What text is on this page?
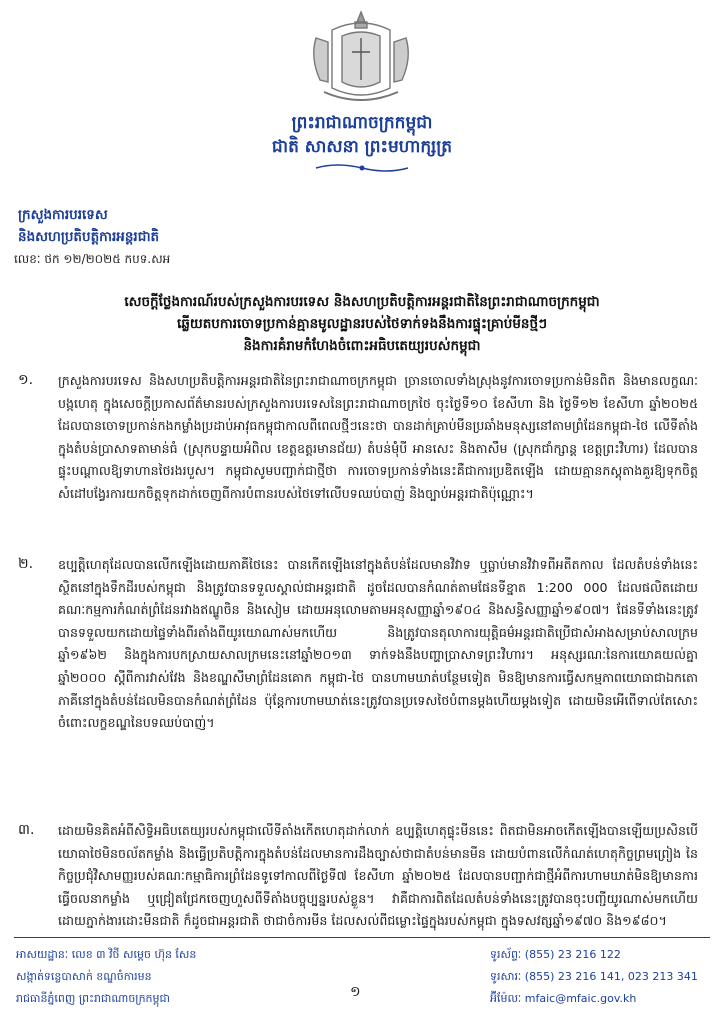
ព្រះរាជាណាចក្រកម្ពុជា
ជាតិ សាសនា ព្រះមហាក្សត្រ
ក្រសួងការបរទេស
និងសហប្រតិបត្តិការអន្តរជាតិ
លេខៈ ថក ១២/២០២៥ កបទ.សអ
សេចក្តីថ្លែងការណ៍របស់ក្រសួងការបរទេស និងសហប្រតិបត្តិការអន្តរជាតិនៃព្រះរាជាណាចក្រកម្ពុជា
ឆ្លើយតបការចោទប្រកាន់គ្មានមូលដ្ឋានរបស់ថៃទាក់ទងនឹងការផ្ទុះគ្រាប់មីនថ្មីៗ
និងការគំរាមកំហែងចំពោះអធិបតេយ្យរបស់កម្ពុជា
១. ក្រសួងការបរទេស និងសហប្រតិបត្តិការអន្តរជាតិនៃព្រះរាជាណាចក្រកម្ពុជា ច្រានចោលទាំងស្រុងនូវការចោទប្រកាន់មិនពិត និងមានលក្ខណៈបង្កហេតុ ក្នុងសេចក្តីប្រកាសព័ត៌មានរបស់ក្រសួងការបរទេសនៃព្រះរាជាណាចក្រថៃ ចុះថ្ងៃទី១០ ខែសីហា និង ថ្ងៃទី១២ ខែសីហា ឆ្នាំ២០២៥ ដែលបានចោទប្រកាន់កងកម្លាំងប្រដាប់អាវុធកម្ពុជាកាលពីពេលថ្មីៗនេះថា បានដាក់គ្រាប់មីនប្រឆាំងមនុស្សនៅតាមព្រំដែនកម្ពុជា-ថៃ លើទីតាំង ក្នុងតំបន់ប្រាសាទតាមាន់ធំ (ស្រុកបន្ទាយអំពិល ខេត្តឧត្តរមានជ័យ) តំបន់ម៉ុំបី អានសេះ និងតាសឹម (ស្រុកជាំក្សាន្ត ខេត្តព្រះវិហារ) ដែលបានផ្ទុះបណ្តាលឱ្យទាហានថៃរងរបួស។ កម្ពុជាសូមបញ្ជាក់ជាថ្មីថា ការចោទប្រកាន់ទាំងនេះគឺជាការប្រឌិតឡើង ដោយគ្មានភស្តុតាងគួរឱ្យទុកចិត្ត សំដៅបង្វែរការយកចិត្តទុកដាក់ចេញពីការបំពានរបស់ថៃទៅលើបទឈប់បាញ់ និងច្បាប់អន្តរជាតិប៉ុណ្ណោះ។
២. ឧប្បត្តិហេតុដែលបានលើកឡើងដោយភាគីថៃនេះ បានកើតឡើងនៅក្នុងតំបន់ដែលមានវិវាទ ឬធ្លាប់មានវិវាទពីអតីតកាល ដែលតំបន់ទាំងនេះស្ថិតនៅក្នុងទឹកដីរបស់កម្ពុជា និងត្រូវបានទទួលស្គាល់ជាអន្តរជាតិ ដូចដែលបានកំណត់តាមផែនទីខ្នាត 1:200 000 ដែលផលិតដោយគណៈកម្មការកំណត់ព្រំដែនរវាងឥណ្ឌូចិន និងសៀម ដោយអនុលោមតាមអនុសញ្ញាឆ្នាំ១៩០៤ និងសន្ធិសញ្ញាឆ្នាំ១៩០៧។ ផែនទីទាំងនេះត្រូវបានទទួលយកដោយផ្ទៃទាំងពីរតាំងពីយូរយោណាស់មកហើយ និងត្រូវបានតុលាការយុត្តិធម៌អន្តរជាតិប្រើជាសំអាងសម្រាប់សាលក្រមឆ្នាំ១៩៦២ និងក្នុងការបកស្រាយសាលក្រមនេះនៅឆ្នាំ២០១៣ ទាក់ទងនឹងបញ្ហាប្រាសាទព្រះវិហារ។ អនុស្សរណៈនៃការយោគយល់គ្នាឆ្នាំ២០០០ ស្តីពីការវាស់វែង និងខណ្ឌសីមាព្រំដែនគោក កម្ពុជា-ថៃ បានហាមឃាត់បន្ថែមទៀត មិនឱ្យមានការធ្វើសកម្មភាពយោធាជាឯកតោភាគីនៅក្នុងតំបន់ដែលមិនបានកំណត់ព្រំដែន ប៉ុន្តែការហាមឃាត់នេះត្រូវបានប្រទេសថៃបំពានម្តងហើយម្តងទៀត ដោយមិនអើពើទាល់តែសោះចំពោះលក្ខខណ្ឌនៃបទឈប់បាញ់។
៣. ដោយមិនគិតអំពីសិទ្ធិអធិបតេយ្យរបស់កម្ពុជាលើទីតាំងកើតហេតុដាក់លាក់ ឧប្បត្តិហេតុផ្ទុះមីននេះ ពិតជាមិនអាចកើតឡើងបានឡើយប្រសិនបើយោធាថៃមិនចល័តកម្លាំង និងធ្វើប្រតិបត្តិការក្នុងតំបន់ដែលមានការដឹងច្បាស់ថាជាតំបន់មានមីន ដោយបំពានលើកំណត់ហេតុកិច្ចព្រមព្រៀង នៃកិច្ចប្រជុំវិសាមញ្ញរបស់គណៈកម្មាធិការព្រំដែនទូទៅកាលពីថ្ងៃទី៧ ខែសីហា ឆ្នាំ២០២៥ ដែលបានបញ្ជាក់ជាថ្មីអំពីការហាមឃាត់មិនឱ្យមានការធ្វើចលនាកម្លាំង ឬជ្រៀតជ្រែកចេញហួសពីទីតាំងបច្ចុប្បន្នរបស់ខ្លួន។ វាគឺជាការពិតដែលតំបន់ទាំងនេះត្រូវបានចុះបញ្ជីយូរណាស់មកហើយ ដោយភ្នាក់ងារដោះមីនជាតិ ក៏ដូចជាអន្តរជាតិ ថាជាចំការមីន ដែលសល់ពីជម្លោះផ្ទៃក្នុងរបស់កម្ពុជា ក្នុងទសវត្សឆ្នាំ១៩៧០ និង១៩៨០។
អាសយដ្ឋានៈ លេខ ៣ វិថី សម្តេច ហ៊ុន សែន
សង្កាត់ទន្លេបាសាក់ ខណ្ឌចំការមន
រាជធានីភ្នំពេញ ព្រះរាជាណាចក្រកម្ពុជា	១
ទូរស័ព្ទៈ (855) 23 216 122
ទូរសារៈ (855) 23 216 141, 023 213 341
អ៊ីម៉ែលៈ mfaic@mfaic.gov.kh
